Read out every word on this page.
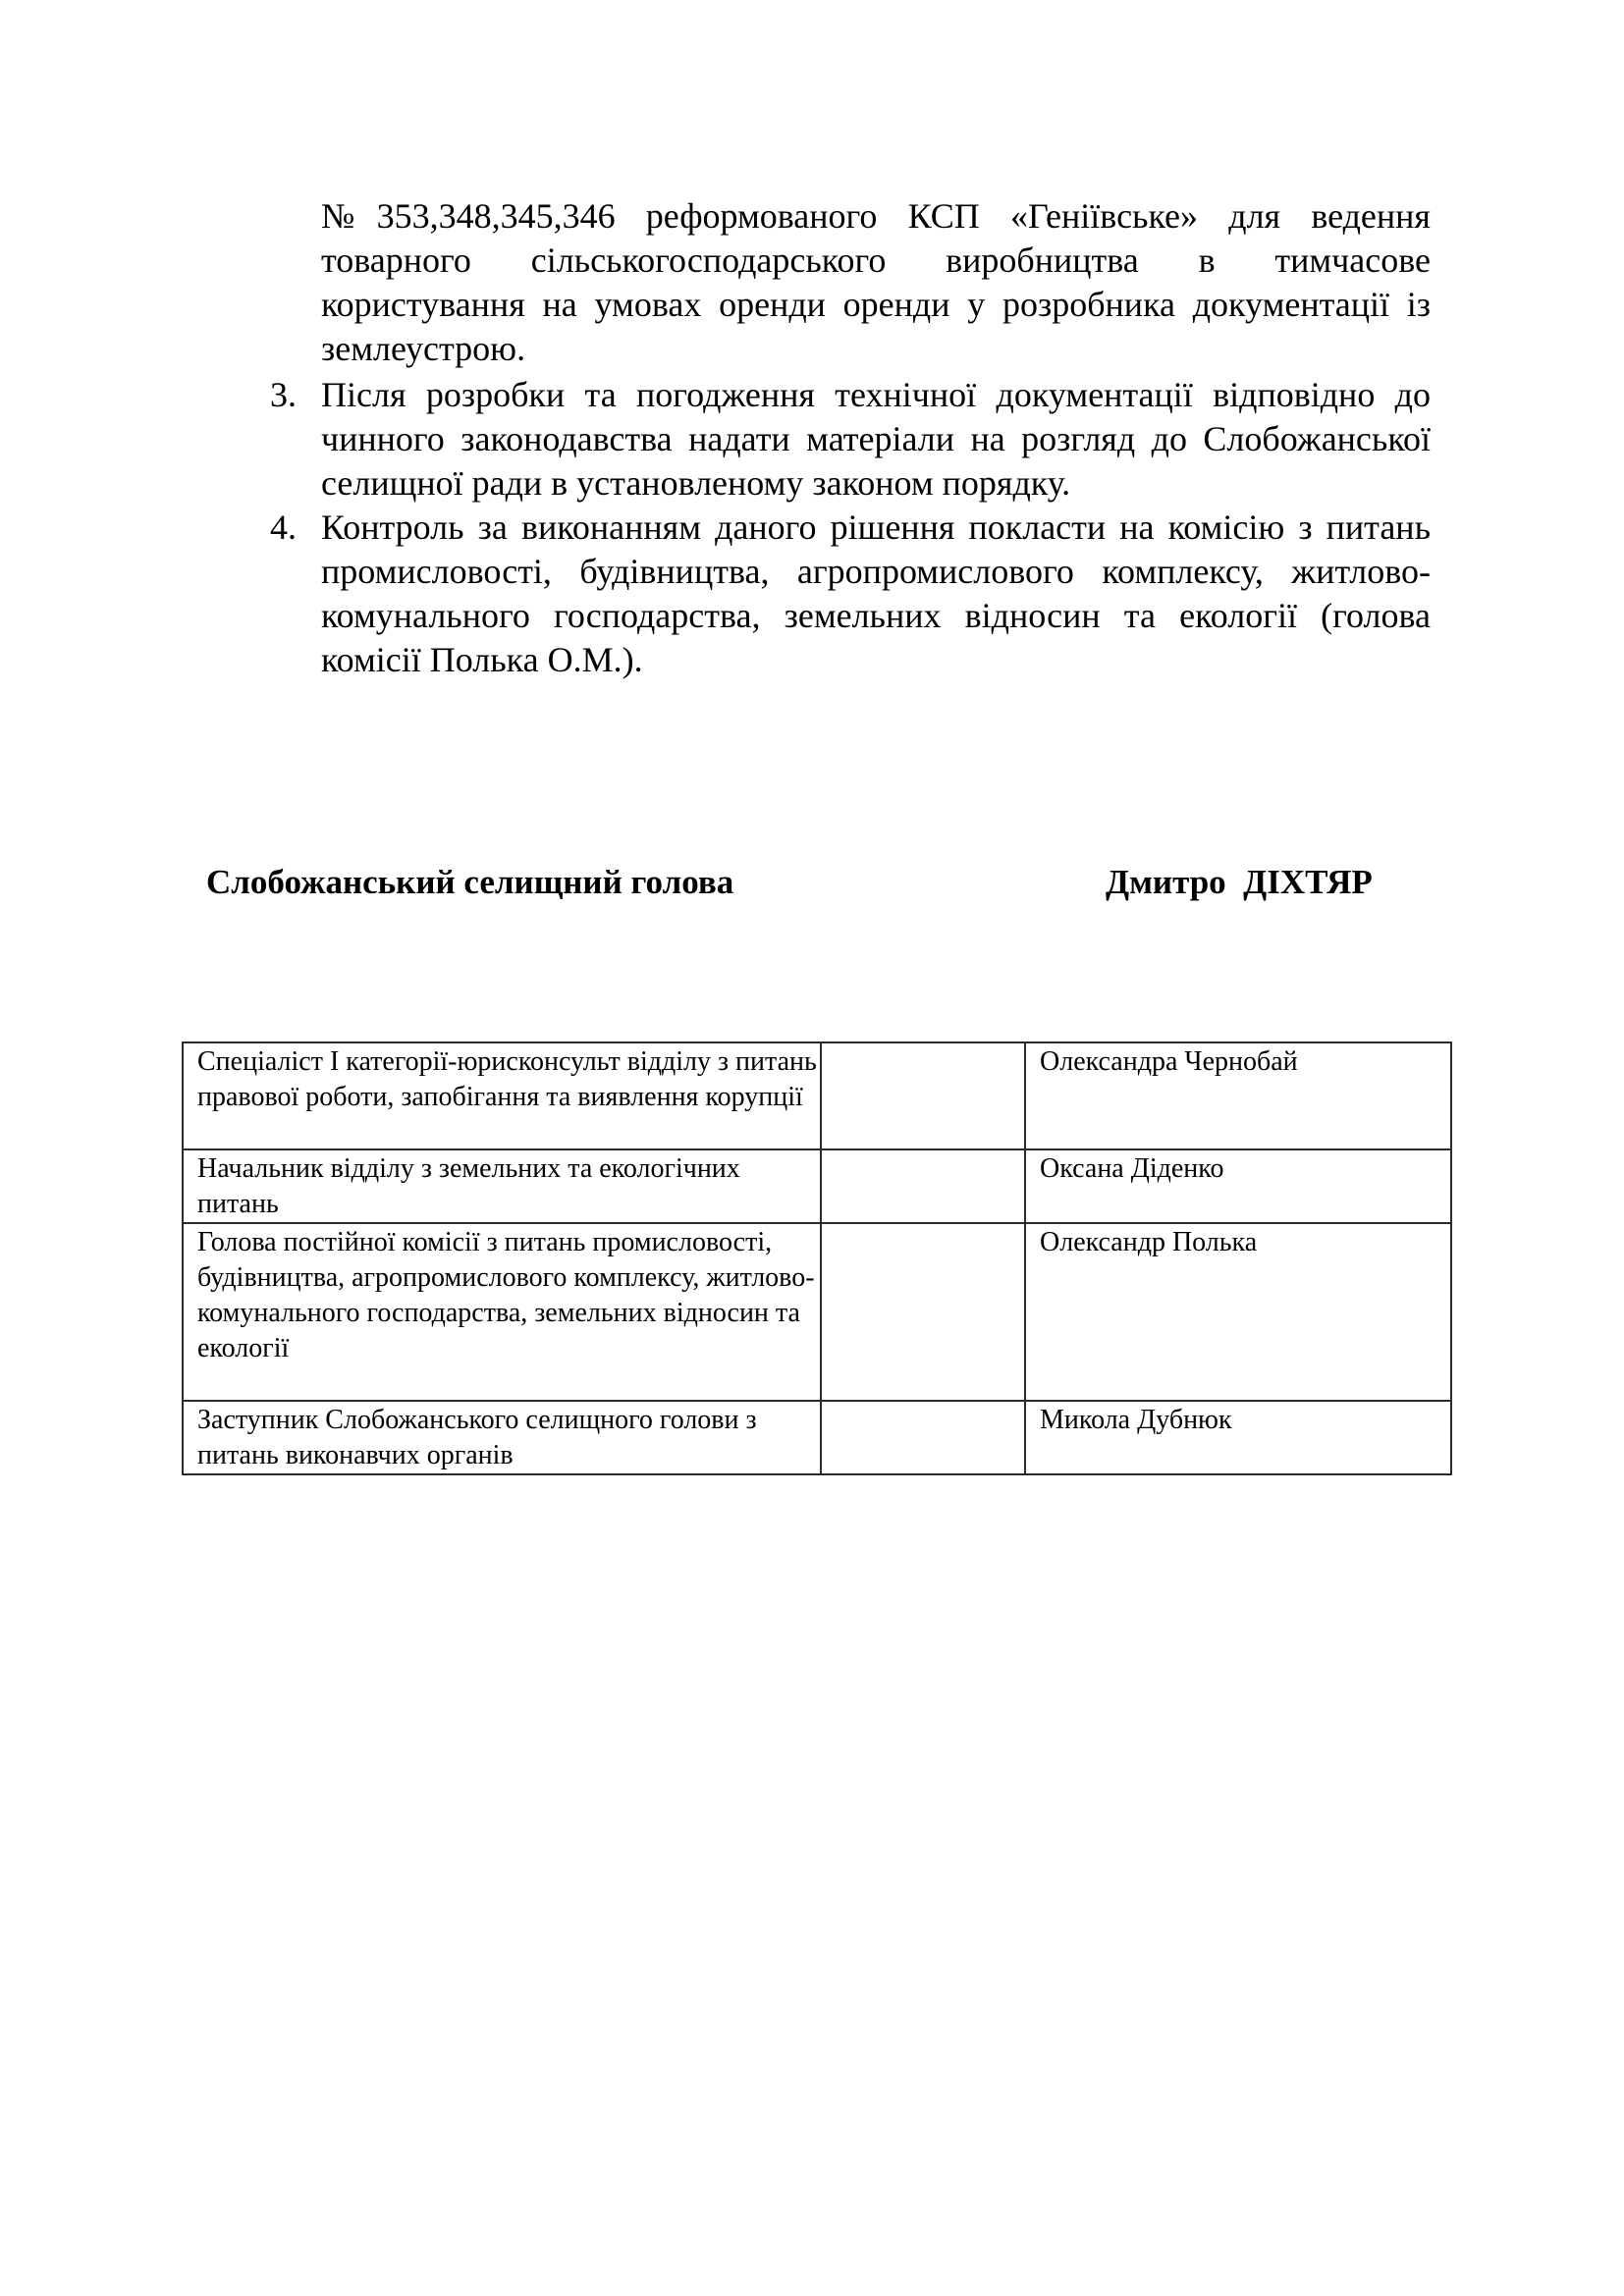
№353,348,345,346 реформованого КСП «Геніївське» для ведення товарного сільськогосподарського виробництва в тимчасове користування на умовах оренди оренди у розробника документації із землеустрою.

3. Після розробки та погодження технічної документації відповідно до чинного законодавства надати матеріали на розгляд до Слобожанської селищної ради в установленому законом порядку.
4. Контроль за виконанням даного рішення покласти на комісію з питань промисловості, будівництва, агропромислового комплексу, житлово-комунального господарства, земельних відносин та екології (голова комісії Полька О.М.).
Слобожанський селищний голова	Дмитро  ДІХТЯР
Спеціаліст І категорії-юрисконсульт відділу з питань правової роботи, запобігання та виявлення корупції		Олександра Чернобай
Начальник відділу з земельних та екологічних питань		Оксана Діденко
Голова постійної комісії з питань промисловості, будівництва, агропромислового комплексу, житлово-комунального господарства, земельних відносин та екології		Олександр Полька
Заступник Слобожанського селищного голови з питань виконавчих органів		Микола Дубнюк
